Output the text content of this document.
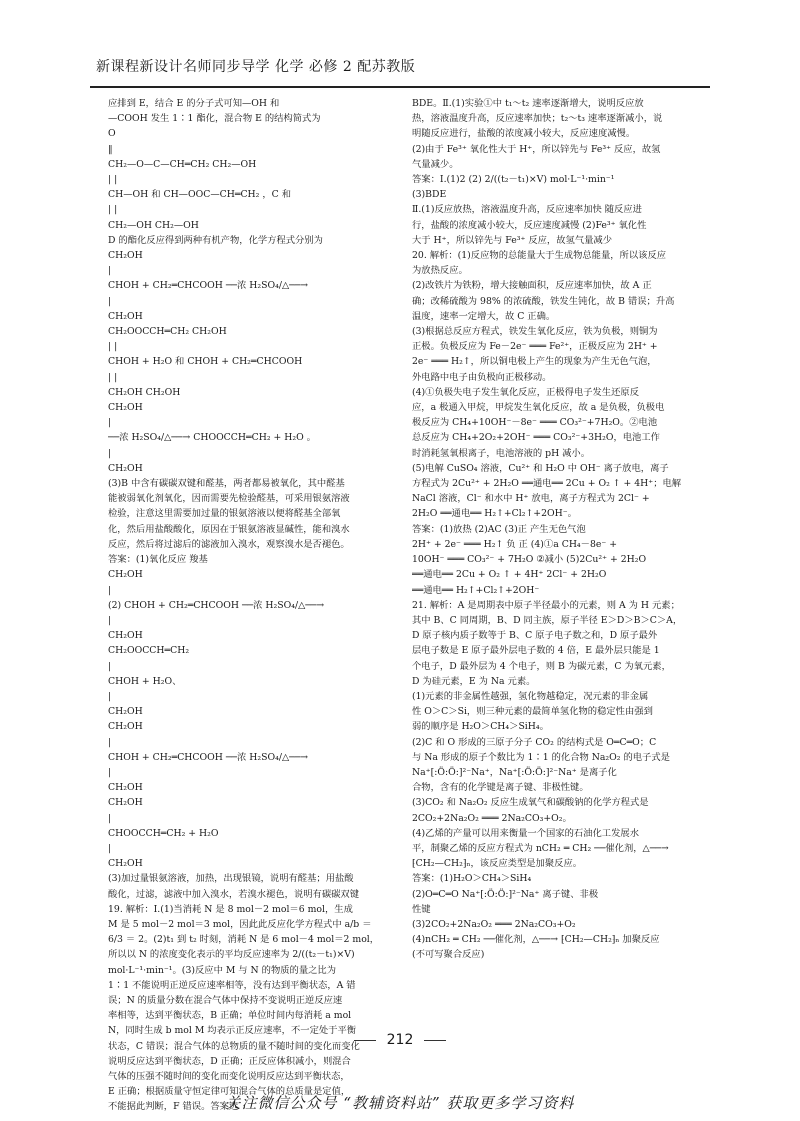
新课程新设计名师同步导学 化学 必修 2 配苏教版
应排到 E，结合 E 的分子式可知—OH 和
—COOH 发生 1∶1 酯化，混合物 E 的结构简式为
O
‖
CH₂—O—C—CH═CH₂ CH₂—OH
| |
CH—OH 和 CH—OOC—CH═CH₂ ，C 和
| |
CH₂—OH CH₂—OH
D 的酯化反应得到两种有机产物，化学方程式分别为
CH₂OH
|
CHOH + CH₂═CHCOOH ──浓 H₂SO₄/△──→
|
CH₂OH
CH₂OOCCH═CH₂ CH₂OH
| |
CHOH + H₂O 和 CHOH + CH₂═CHCOOH
| |
CH₂OH CH₂OH
CH₂OH
|
──浓 H₂SO₄/△──→ CHOOCCH═CH₂ + H₂O 。
|
CH₂OH
(3)B 中含有碳碳双键和醛基，两者都易被氧化，其中醛基
能被弱氧化剂氧化，因而需要先检验醛基，可采用银氨溶液
检验，注意这里需要加过量的银氨溶液以便将醛基全部氧
化，然后用盐酸酸化，原因在于银氨溶液显碱性，能和溴水
反应，然后将过滤后的滤液加入溴水，观察溴水是否褪色。
答案：(1)氧化反应 羧基
CH₂OH
|
(2) CHOH + CH₂═CHCOOH ──浓 H₂SO₄/△──→
|
CH₂OH
CH₂OOCCH═CH₂
|
CHOH + H₂O、
|
CH₂OH
CH₂OH
|
CHOH + CH₂═CHCOOH ──浓 H₂SO₄/△──→
|
CH₂OH
CH₂OH
|
CHOOCCH═CH₂ + H₂O
|
CH₂OH
(3)加过量银氨溶液，加热，出现银镜，说明有醛基；用盐酸
酸化，过滤，滤液中加入溴水，若溴水褪色，说明有碳碳双键
19. 解析：Ⅰ.(1)当消耗 N 是 8 mol－2 mol＝6 mol，生成
M 是 5 mol－2 mol＝3 mol，因此此反应化学方程式中 a/b ＝
6/3 ＝ 2。(2)t₁ 到 t₂ 时刻，消耗 N 是 6 mol－4 mol＝2 mol，
所以以 N 的浓度变化表示的平均反应速率为 2/((t₂－t₁)×V)
mol·L⁻¹·min⁻¹。(3)反应中 M 与 N 的物质的量之比为
1∶1 不能说明正逆反应速率相等，没有达到平衡状态，A 错
误；N 的质量分数在混合气体中保持不变说明正逆反应速
率相等，达到平衡状态，B 正确；单位时间内每消耗 a mol
N，同时生成 b mol M 均表示正反应速率，不一定处于平衡
状态，C 错误；混合气体的总物质的量不随时间的变化而变化
说明反应达到平衡状态，D 正确；正反应体积减小，则混合
气体的压强不随时间的变化而变化说明反应达到平衡状态，
E 正确；根据质量守恒定律可知混合气体的总质量是定值，
不能据此判断，F 错误。答案选
BDE。Ⅱ.(1)实验①中 t₁～t₂ 速率逐渐增大，说明反应放
热，溶液温度升高，反应速率加快；t₂～t₃ 速率逐渐减小，说
明随反应进行，盐酸的浓度减小较大，反应速度减慢。
(2)由于 Fe³⁺ 氧化性大于 H⁺，所以锌先与 Fe³⁺ 反应，故氢
气量减少。
答案：Ⅰ.(1)2 (2) 2/((t₂－t₁)×V) mol·L⁻¹·min⁻¹
(3)BDE
Ⅱ.(1)反应放热，溶液温度升高，反应速率加快 随反应进
行，盐酸的浓度减小较大，反应速度减慢 (2)Fe³⁺ 氧化性
大于 H⁺，所以锌先与 Fe³⁺ 反应，故氢气量减少
20. 解析：(1)反应物的总能量大于生成物总能量，所以该反应
为放热反应。
(2)改铁片为铁粉，增大接触面积，反应速率加快，故 A 正
确；改稀硫酸为 98% 的浓硫酸，铁发生钝化，故 B 错误；升高
温度，速率一定增大，故 C 正确。
(3)根据总反应方程式，铁发生氧化反应，铁为负极，则铜为
正极。负极反应为 Fe－2e⁻ ═══ Fe²⁺，正极反应为 2H⁺ +
2e⁻ ═══ H₂↑，所以铜电极上产生的现象为产生无色气泡，
外电路中电子由负极向正极移动。
(4)①负极失电子发生氧化反应，正极得电子发生还原反
应，a 极通入甲烷，甲烷发生氧化反应，故 a 是负极，负极电
极反应为 CH₄+10OH⁻－8e⁻ ═══ CO₃²⁻+7H₂O。②电池
总反应为 CH₄+2O₂+2OH⁻ ═══ CO₃²⁻+3H₂O，电池工作
时消耗氢氧根离子，电池溶液的 pH 减小。
(5)电解 CuSO₄ 溶液，Cu²⁺ 和 H₂O 中 OH⁻ 离子放电，离子
方程式为 2Cu²⁺ + 2H₂O ══通电══ 2Cu + O₂ ↑ + 4H⁺；电解
NaCl 溶液，Cl⁻ 和水中 H⁺ 放电，离子方程式为 2Cl⁻ +
2H₂O ══通电══ H₂↑+Cl₂↑+2OH⁻。
答案：(1)放热 (2)AC (3)正 产生无色气泡
2H⁺ + 2e⁻ ═══ H₂↑ 负 正 (4)①a CH₄－8e⁻ +
10OH⁻ ═══ CO₃²⁻ + 7H₂O ②减小 (5)2Cu²⁺ + 2H₂O
══通电══ 2Cu + O₂ ↑ + 4H⁺ 2Cl⁻ + 2H₂O
══通电══ H₂↑+Cl₂↑+2OH⁻
21. 解析：A 是周期表中原子半径最小的元素，则 A 为 H 元素；
其中 B、C 同周期，B、D 同主族，原子半径 E＞D＞B＞C＞A，
D 原子核内质子数等于 B、C 原子电子数之和，D 原子最外
层电子数是 E 原子最外层电子数的 4 倍，E 最外层只能是 1
个电子，D 最外层为 4 个电子，则 B 为碳元素，C 为氧元素，
D 为硅元素，E 为 Na 元素。
(1)元素的非金属性越强，氢化物越稳定，况元素的非金属
性 O＞C＞Si，则三种元素的最简单氢化物的稳定性由强到
弱的顺序是 H₂O＞CH₄＞SiH₄。
(2)C 和 O 形成的三原子分子 CO₂ 的结构式是 O═C═O；C
与 Na 形成的原子个数比为 1∶1 的化合物 Na₂O₂ 的电子式是
Na⁺[:Ö:Ö:]²⁻Na⁺，Na⁺[:Ö:Ö:]²⁻Na⁺ 是离子化
合物，含有的化学键是离子键、非极性键。
(3)CO₂ 和 Na₂O₂ 反应生成氧气和碳酸钠的化学方程式是
2CO₂+2Na₂O₂ ═══ 2Na₂CO₃+O₂。
(4)乙烯的产量可以用来衡量一个国家的石油化工发展水
平，制聚乙烯的反应方程式为 nCH₂ ═ CH₂ ──催化剂，△──→
⁅CH₂—CH₂⁆ₙ，该反应类型是加聚反应。
答案：(1)H₂O＞CH₄＞SiH₄
(2)O═C═O Na⁺[:Ö:Ö:]²⁻Na⁺ 离子键、非极
性键
(3)2CO₂+2Na₂O₂ ═══ 2Na₂CO₃+O₂
(4)nCH₂ ═ CH₂ ──催化剂，△──→ ⁅CH₂—CH₂⁆ₙ 加聚反应
(不可写聚合反应)
212
关注微信公众号 “教辅资料站” 获取更多学习资料
